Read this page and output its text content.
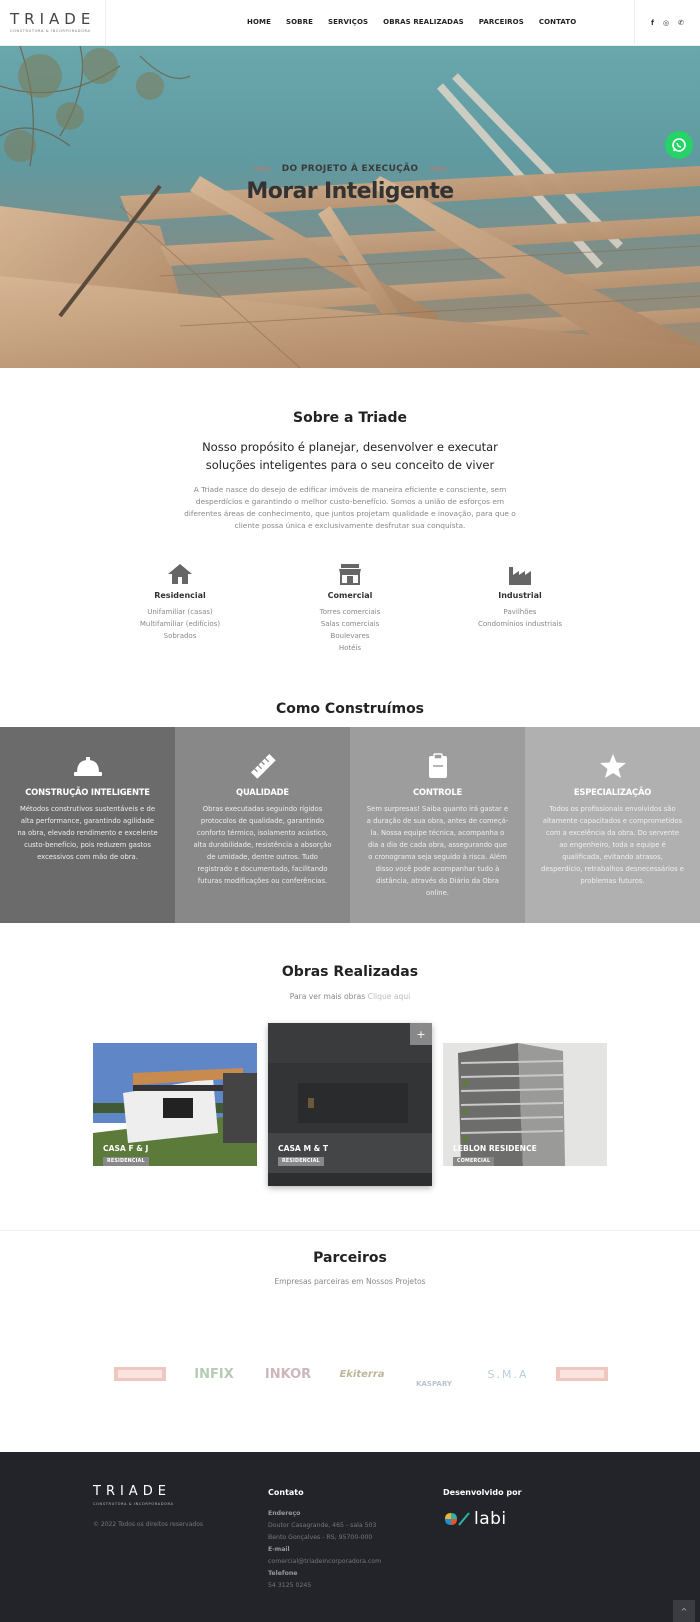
TRIADE
CONSTRUTORA & INCORPORADORA
HOME SOBRE SERVIÇOS OBRAS REALIZADAS PARCEIROS CONTATO	f ◎ ✆
DO PROJETO À EXECUÇÃO
Morar Inteligente
Sobre a Triade

Nosso propósito é planejar, desenvolver e executar soluções inteligentes para o seu conceito de viver

A Triade nasce do desejo de edificar imóveis de maneira eficiente e consciente, sem desperdícios e garantindo o melhor custo-benefício. Somos a união de esforços em diferentes áreas de conhecimento, que juntos projetam qualidade e inovação, para que o cliente possa única e exclusivamente desfrutar sua conquista.

Residencial
Unifamiliar (casas)
Multifamiliar (edifícios)
Sobrados
Comercial
Torres comerciais
Salas comerciais
Boulevares
Hotéis
Industrial
Pavilhões
Condomínios industriais
Como Construímos
CONSTRUÇÃO INTELIGENTE

Métodos construtivos sustentáveis e de alta performance, garantindo agilidade na obra, elevado rendimento e excelente custo-benefício, pois reduzem gastos excessivos com mão de obra.

QUALIDADE

Obras executadas seguindo rígidos protocolos de qualidade, garantindo conforto térmico, isolamento acústico, alta durabilidade, resistência a absorção de umidade, dentre outros. Tudo registrado e documentado, facilitando futuras modificações ou conferências.

CONTROLE

Sem surpresas! Saiba quanto irá gastar e a duração de sua obra, antes de começá-la. Nossa equipe técnica, acompanha o dia a dia de cada obra, assegurando que o cronograma seja seguido à risca. Além disso você pode acompanhar tudo à distância, através do Diário da Obra online.

ESPECIALIZAÇÃO

Todos os profissionais envolvidos são altamente capacitados e comprometidos com a excelência da obra. Do servente ao engenheiro, toda a equipe é qualificada, evitando atrasos, desperdício, retrabalhos desnecessários e problemas futuros.

Obras Realizadas
Para ver mais obras Clique aqui
CASA F & J
RESIDENCIAL
+
CASA M & T
RESIDENCIAL
LEBLON RESIDENCE
COMERCIAL
Parceiros
Empresas parceiras em Nossos Projetos
INFIX INKOR	Ekiterra
KASPARY
S.M.A
TRIADE
CONSTRUTORA & INCORPORADORA
© 2022 Todos os direitos reservados
Contato
Endereço
Doutor Casagrande, 465 - sala 503
Bento Gonçalves - RS, 95700-000
E-mail
comercial@triadeincorporadora.com
Telefone
54 3125 0245
Desenvolvido por
labi
^
